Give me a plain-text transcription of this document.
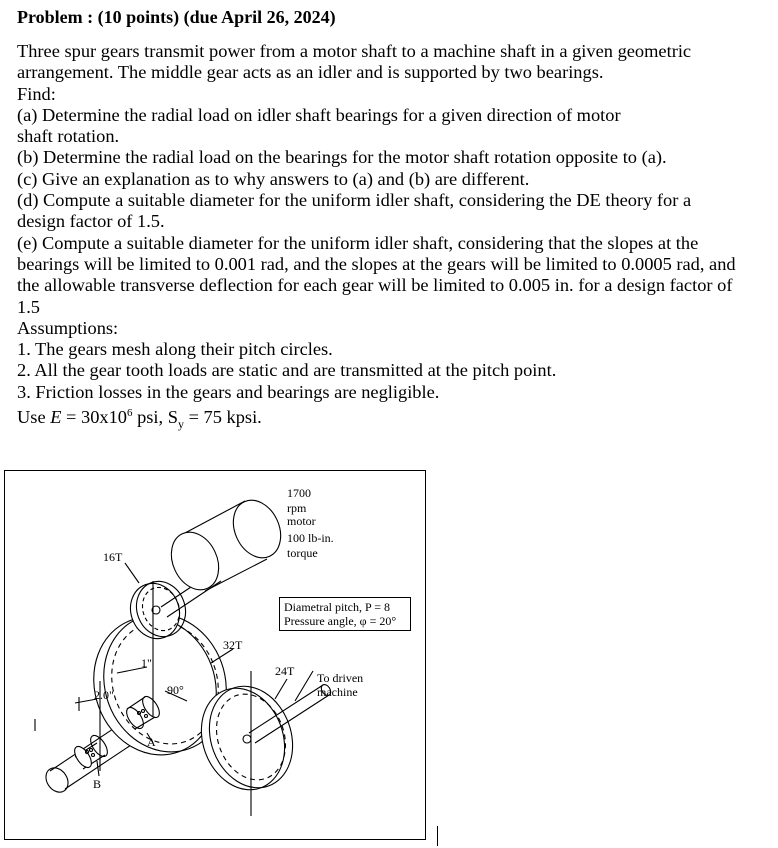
Problem : (10 points) (due April 26, 2024)

Three spur gears transmit power from a motor shaft to a machine shaft in a given geometric

arrangement. The middle gear acts as an idler and is supported by two bearings.

Find:

(a) Determine the radial load on idler shaft bearings for a given direction of motor

shaft rotation.

(b) Determine the radial load on the bearings for the motor shaft rotation opposite to (a).

(c) Give an explanation as to why answers to (a) and (b) are different.

(d) Compute a suitable diameter for the uniform idler shaft, considering the DE theory for a

design factor of 1.5.

(e) Compute a suitable diameter for the uniform idler shaft, considering that the slopes at the

bearings will be limited to 0.001 rad, and the slopes at the gears will be limited to 0.0005 rad, and

the allowable transverse deflection for each gear will be limited to 0.005 in. for a design factor of

1.5

Assumptions:

1. The gears mesh along their pitch circles.

2. All the gear tooth loads are static and are transmitted at the pitch point.

3. Friction losses in the gears and bearings are negligible.

Use $E = 30x10^6$ psi, $S_y = 75$ kpsi.

1700
rpm
motor
100 lb-in.
torque
Diametral pitch, P = 8
Pressure angle, φ = 20°
16T
32T
24T To driven
machine
1"
2.0"	90°
A
B
